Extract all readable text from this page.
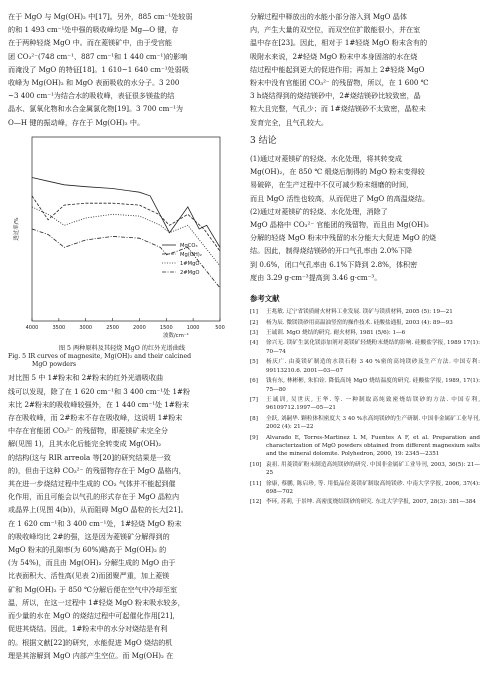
在于 MgO 与 Mg(OH)₂ 中[17]。另外，885 cm⁻¹处较弱

的和 1 493 cm⁻¹处中强的吸收峰均是 Mg—O 键，存

在于两种轻烧 MgO 中。而在菱镁矿中，由于受官能

团 CO₃²⁻(748 cm⁻¹、887 cm⁻¹和 1 440 cm⁻¹)的影响

而淹没了 MgO 的特征[18]。1 610~1 640 cm⁻¹处弱吸

收峰为 Mg(OH)₂ 和 MgO 表面吸收的水分子。3 200

~3 400 cm⁻¹为结合水的吸收峰，表征很多镁盐的结

晶水、氯氧化物和水合金属氯化物[19]。3 700 cm⁻¹为

O—H 键的振动峰，存在于 Mg(OH)₂ 中。

4000	3500	3000	2500	2000	1500	1000	500
波数/cm⁻¹
透过率/%
MgCO₃
Mg(OH)₂
1#MgO
2#MgO
图 5 两种原料及其轻烧 MgO 的红外光谱曲线
Fig. 5 IR curves of magnesite, Mg(OH)₂ and their calcined
MgO powders

对比图 5 中 1#粉末和 2#粉末的红外光谱吸收曲

线可以发现，除了在 1 620 cm⁻¹和 3 400 cm⁻¹处 1#粉

末比 2#粉末的吸收峰较强外，在 1 440 cm⁻¹处 1#粉末

存在吸收峰，而 2#粉末不存在吸收峰，这说明 1#粉末

中存在官能团 CO₃²⁻ 的残留物，即菱镁矿未完全分

解(见图 1)，且其水化后能完全转变成 Mg(OH)₂

的结构(这与 RIR arreola 等[20]的研究结果是一致

的)，但由于这种 CO₃²⁻ 的残留物存在于 MgO 晶格内，

其在进一步烧结过程中生成的 CO₂ 气体并不能起到催

化作用，而且可能会以气孔的形式存在于 MgO 晶粒内

或晶界上(见图 4(b))，从而阻碍 MgO 晶粒的长大[21]。

在 1 620 cm⁻¹和 3 400 cm⁻¹处，1#轻烧 MgO 粉末

的吸收峰均比 2#的强，这是因为菱镁矿分解得到的

MgO 粉末的孔隙率(为 60%)略高于 Mg(OH)₂ 的

(为 54%)，而且由 Mg(OH)₂ 分解生成的 MgO 由于

比表面积大、活性高(见表 2)而团聚严重，加上菱镁

矿和 Mg(OH)₂ 于 850 ℃分解后便在空气中冷却至室

温，所以，在这一过程中 1#轻烧 MgO 粉末吸水较多，

而少量的水在 MgO 的烧结过程中可起催化作用[21]，

促进其烧结。因此，1#粉末中的水分对烧结是有利

的。根据文献[22]的研究，水能促进 MgO 烧结的机

理是其溶解到 MgO 内部产生空位。而 Mg(OH)₂ 在

分解过程中释放出的水能小部分溶入到 MgO 晶体

内，产生大量的双空位，而双空位扩散能很小，并在室

温中存在[23]。因此，相对于 1#轻烧 MgO 粉末含有的

吸附水来说，2#轻烧 MgO 粉末中本身固溶的水在烧

结过程中能起到更大的促进作用；再加上 2#轻烧 MgO

粉末中没有官能团 CO₃²⁻ 的残留物，所以，在 1 600 ℃

3 h烧结得到的烧结镁砂中，2#烧结镁砂比较致密，晶

粒大且完整，气孔少；而 1#烧结镁砂不太致密，晶粒未

发育完全，且气孔较大。

3 结论

(1)通过对菱镁矿的轻烧、水化处理，将其转变成

Mg(OH)₂，在 850 ℃ 煅烧后制得的 MgO 粉末变得较

易破碎，在生产过程中不仅可减少粉末细磨的时间，

而且 MgO 活性也较高，从而促进了 MgO 的高温烧结。

(2)通过对菱镁矿的轻烧、水化处理，消除了

MgO 晶格中 CO₃²⁻ 官能团的残留物，而且由 Mg(OH)₂

分解的轻烧 MgO 粉末中残留的水分能大大促进 MgO 的烧

结。因此，制得烧结镁砂的开口气孔率由 2.0%下降

到 0.6%，闭口气孔率由 6.1%下降到 2.8%，体积密

度由 3.29 g·cm⁻³提高到 3.46 g·cm⁻³。

参考文献
[1]	王兆敏. 辽宁省镁质耐火材料工业发展. 镁矿与镁质材料, 2005 (5): 19—21
[2]	杨为辰. 微镁镁砂用高温油竖窑的操作技术. 硅酸盐通报, 2003 (4): 89—93
[3]	王诚训. MgO 烧结的研究. 耐火材料, 1981 (5/6): 1—6
[4]	徐兴无. 镁矿生氯化镁添加剂对菱镁矿轻烧粉末烧结的影响. 硅酸盐学报, 1989 17(1): 70—74
[5]	杨庆广. 由菱镁矿制造的水镁石粉 3 40 %密的高纯镁砂及生产方法. 中国专利: 99113210.6. 2001—03—07
[6]	钱有东, 林彬彬, 朱伯铨. 降低高纯 MgO 烧结温度的研究. 硅酸盐学报, 1989, 17(1): 75—80
[7]	王诚训, 吴世庆, 王华. 等. 一种制取高纯致密烧结镁砂的方法. 中国专利, 96109712.1997—05—21
[8]	全跃, 刘嗣华. 颗粒体积密度大 3 40 %水高纯镁砂的生产研制. 中国非金属矿工业导刊, 2002 (4): 21—22
[9]	Alvarado E, Torres-Martinez L M, Fuentes A F, et al. Preparation and characterization of MgO powders obtained from different magnesium salts and the mineral dolomite. Polyhedron, 2000, 19: 2345—2351
[10] 袁祖. 用菱镁矿粉末制造高纯镁砂的研究. 中国非金属矿工业导刊, 2003, 36(5): 21—25
[11] 徐康, 蔡鹏, 陈启珍, 等. 用低品位菱镁矿制取高纯镁砂. 中南大学学报, 2006, 37(4): 698—702
[12] 李环, 苏莉, 于景坤. 高密度烧结镁砂的研究. 东北大学学报, 2007, 28(3): 381—384
